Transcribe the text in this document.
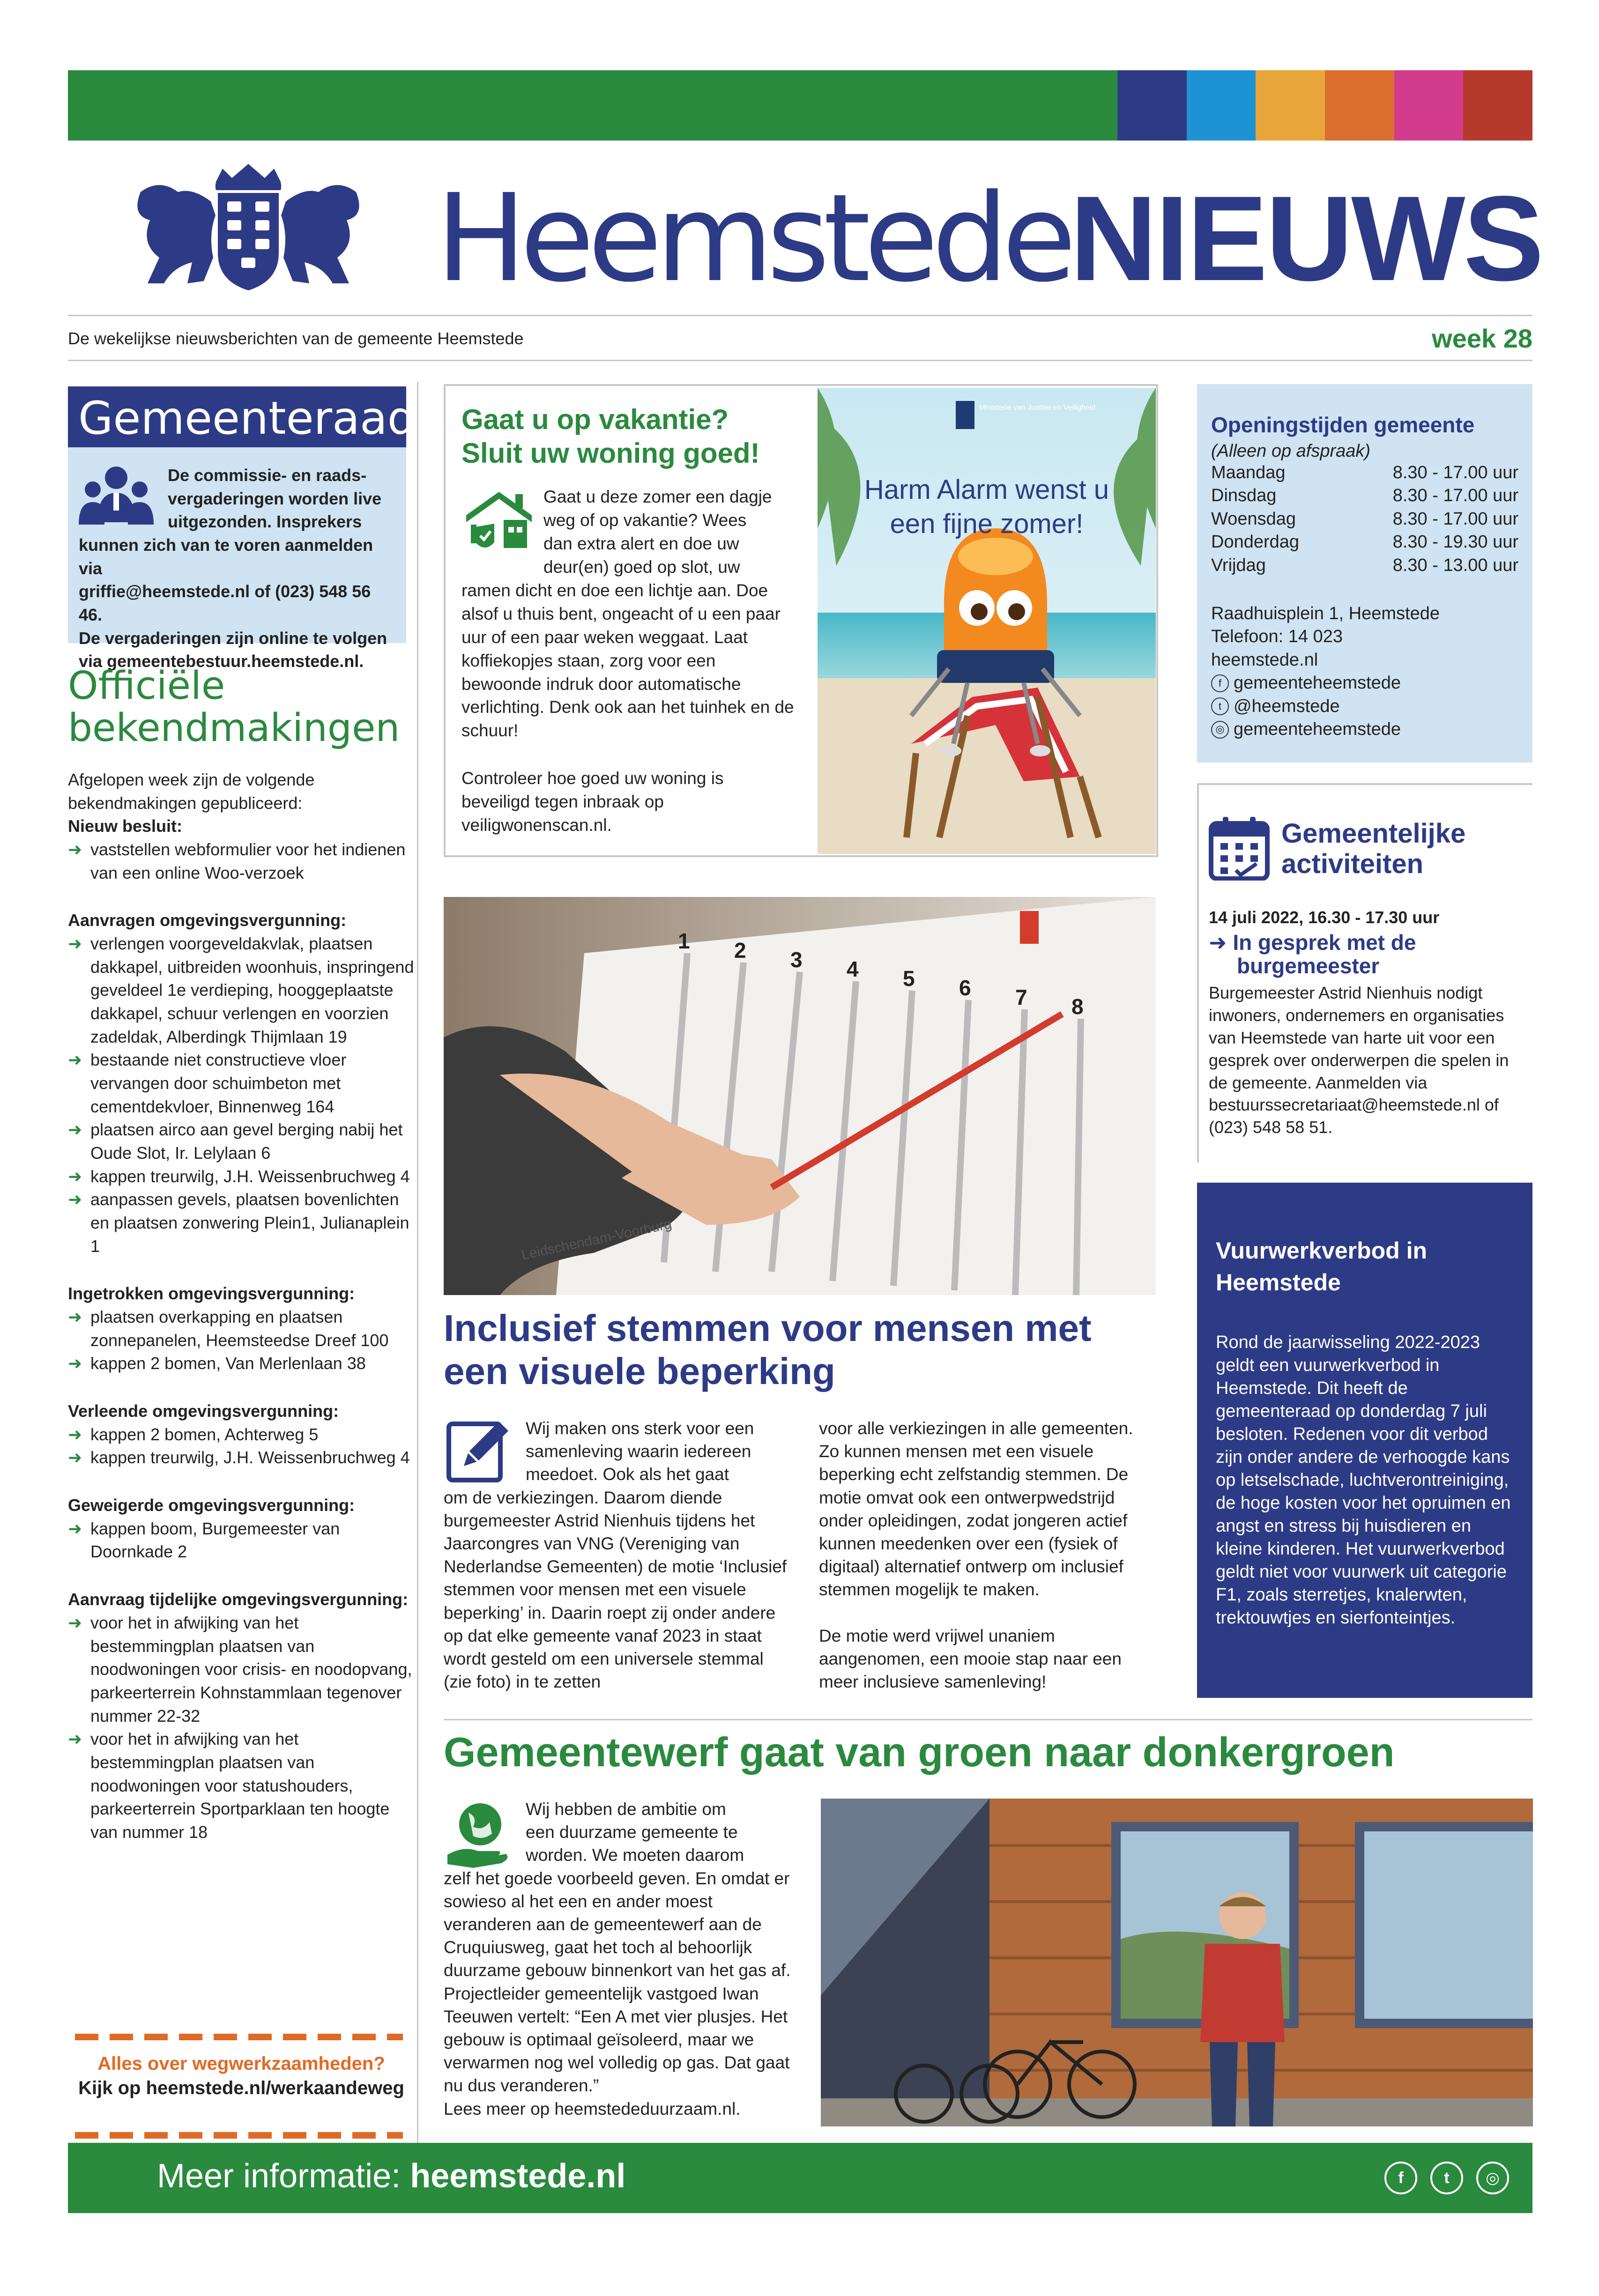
HeemstedeNIEUWS
De wekelijkse nieuwsberichten van de gemeente Heemstede	week 28
Gemeenteraad
De commissie- en raads-
vergaderingen worden live
uitgezonden. Insprekers
kunnen zich van te voren aanmelden via
griffie@heemstede.nl of (023) 548 56 46.
De vergaderingen zijn online te volgen
via gemeentebestuur.heemstede.nl.
Officiële
bekendmakingen
Afgelopen week zijn de volgende bekendmakingen gepubliceerd:
Nieuw besluit:
➜ vaststellen webformulier voor het indienen van een online Woo-verzoek
Aanvragen omgevingsvergunning:
➜ verlengen voorgeveldakvlak, plaatsen dakkapel, uitbreiden woonhuis, inspringend geveldeel 1e verdieping, hooggeplaatste dakkapel, schuur verlengen en voorzien zadeldak, Alberdingk Thijmlaan 19
➜ bestaande niet constructieve vloer vervangen door schuimbeton met cementdekvloer, Binnenweg 164
➜ plaatsen airco aan gevel berging nabij het Oude Slot, Ir. Lelylaan 6
➜ kappen treurwilg, J.H. Weissenbruchweg 4
➜ aanpassen gevels, plaatsen bovenlichten en plaatsen zonwering Plein1, Julianaplein 1
Ingetrokken omgevingsvergunning:
➜ plaatsen overkapping en plaatsen zonnepanelen, Heemsteedse Dreef 100
➜ kappen 2 bomen, Van Merlenlaan 38
Verleende omgevingsvergunning:
➜ kappen 2 bomen, Achterweg 5
➜ kappen treurwilg, J.H. Weissenbruchweg 4
Geweigerde omgevingsvergunning:
➜ kappen boom, Burgemeester van Doornkade 2
Aanvraag tijdelijke omgevingsvergunning:
➜ voor het in afwijking van het bestemmingplan plaatsen van noodwoningen voor crisis- en noodopvang, parkeerterrein Kohnstammlaan tegenover nummer 22-32
➜ voor het in afwijking van het bestemmingplan plaatsen van noodwoningen voor statushouders, parkeerterrein Sportparklaan ten hoogte van nummer 18
Alles over wegwerkzaamheden?
Kijk op heemstede.nl/werkaandeweg
Gaat u op vakantie?
Sluit uw woning goed!
Gaat u deze zomer een dagje
weg of op vakantie? Wees
dan extra alert en doe uw
deur(en) goed op slot, uw

ramen dicht en doe een lichtje aan. Doe alsof u thuis bent, ongeacht of u een paar uur of een paar weken weggaat. Laat koffiekopjes staan, zorg voor een bewoonde indruk door automatische verlichting. Denk ook aan het tuinhek en de schuur!

Controleer hoe goed uw woning is beveiligd tegen inbraak op veiligwonenscan.nl.

Ministerie van Justitie en Veiligheid
Harm Alarm wenst u
een fijne zomer!
Openingstijden gemeente
(Alleen op afspraak)
Maandag	8.30 - 17.00 uur
Dinsdag	8.30 - 17.00 uur
Woensdag	8.30 - 17.00 uur
Donderdag	8.30 - 19.30 uur
Vrijdag	8.30 - 13.00 uur
Raadhuisplein 1, Heemstede
Telefoon: 14 023
heemstede.nl
f gemeenteheemstede
t @heemstede
◎ gemeenteheemstede
Gemeentelijke
activiteiten
14 juli 2022, 16.30 - 17.30 uur
➜ In gesprek met de burgemeester
Burgemeester Astrid Nienhuis nodigt inwoners, ondernemers en organisaties van Heemstede van harte uit voor een gesprek over onderwerpen die spelen in de gemeente. Aanmelden via bestuurssecretariaat@heemstede.nl of (023) 548 58 51.
Vuurwerkverbod in
Heemstede
Rond de jaarwisseling 2022-2023 geldt een vuurwerkverbod in Heemstede. Dit heeft de gemeenteraad op donderdag 7 juli besloten. Redenen voor dit verbod zijn onder andere de verhoogde kans op letselschade, luchtverontreiniging, de hoge kosten voor het opruimen en angst en stress bij huisdieren en kleine kinderen. Het vuurwerkverbod geldt niet voor vuurwerk uit categorie F1, zoals sterretjes, knalerwten, trektouwtjes en sierfonteintjes.
1 2 3 4 5 6 7 8
Leidschendam-Voorburg
Inclusief stemmen voor mensen met
een visuele beperking
Wij maken ons sterk voor een
samenleving waarin iedereen
meedoet. Ook als het gaat

om de verkiezingen. Daarom diende burgemeester Astrid Nienhuis tijdens het Jaarcongres van VNG (Vereniging van Nederlandse Gemeenten) de motie ‘Inclusief stemmen voor mensen met een visuele beperking’ in. Daarin roept zij onder andere op dat elke gemeente vanaf 2023 in staat wordt gesteld om een universele stemmal (zie foto) in te zetten

voor alle verkiezingen in alle gemeenten. Zo kunnen mensen met een visuele beperking echt zelfstandig stemmen. De motie omvat ook een ontwerpwedstrijd onder opleidingen, zodat jongeren actief kunnen meedenken over een (fysiek of digitaal) alternatief ontwerp om inclusief stemmen mogelijk te maken.

De motie werd vrijwel unaniem aangenomen, een mooie stap naar een meer inclusieve samenleving!

Gemeentewerf gaat van groen naar donkergroen
Wij hebben de ambitie om
een duurzame gemeente te
worden. We moeten daarom

zelf het goede voorbeeld geven. En omdat er sowieso al het een en ander moest veranderen aan de gemeentewerf aan de Cruquiusweg, gaat het toch al behoorlijk duurzame gebouw binnenkort van het gas af. Projectleider gemeentelijk vastgoed Iwan Teeuwen vertelt: “Een A met vier plusjes. Het gebouw is optimaal geïsoleerd, maar we verwarmen nog wel volledig op gas. Dat gaat nu dus veranderen.”

Lees meer op heemstededuurzaam.nl.

Meer informatie: heemstede.nl	f	t	◎
